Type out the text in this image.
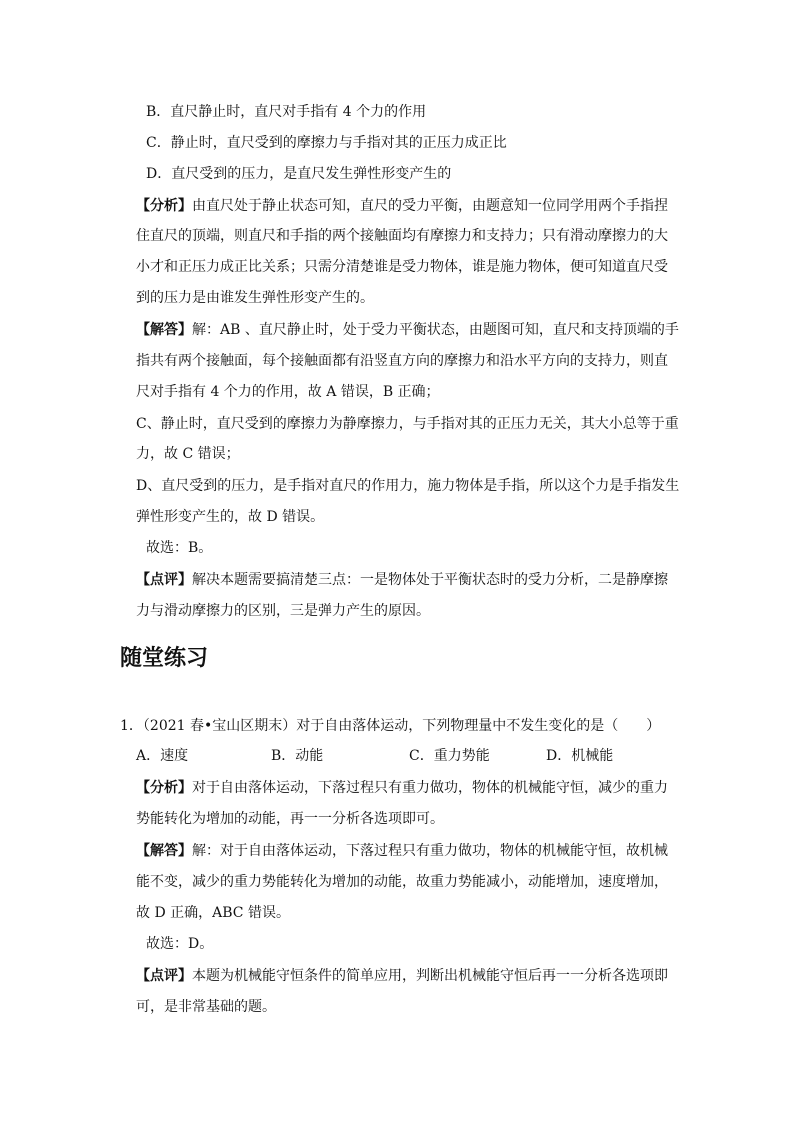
B．直尺静止时，直尺对手指有 4 个力的作用
C．静止时，直尺受到的摩擦力与手指对其的正压力成正比
D．直尺受到的压力，是直尺发生弹性形变产生的
【分析】由直尺处于静止状态可知，直尺的受力平衡，由题意知一位同学用两个手指捏
住直尺的顶端，则直尺和手指的两个接触面均有摩擦力和支持力；只有滑动摩擦力的大
小才和正压力成正比关系；只需分清楚谁是受力物体，谁是施力物体，便可知道直尺受
到的压力是由谁发生弹性形变产生的。
【解答】解：AB 、直尺静止时，处于受力平衡状态，由题图可知，直尺和支持顶端的手
指共有两个接触面，每个接触面都有沿竖直方向的摩擦力和沿水平方向的支持力，则直
尺对手指有 4 个力的作用，故 A 错误，B 正确；
C、静止时，直尺受到的摩擦力为静摩擦力，与手指对其的正压力无关，其大小总等于重
力，故 C 错误；
D、直尺受到的压力，是手指对直尺的作用力，施力物体是手指，所以这个力是手指发生
弹性形变产生的，故 D 错误。
故选：B。
【点评】解决本题需要搞清楚三点：一是物体处于平衡状态时的受力分析，二是静摩擦
力与滑动摩擦力的区别，三是弹力产生的原因。
随堂练习
1．（2021 春•宝山区期末）对于自由落体运动，下列物理量中不发生变化的是（　　）
A．速度	B．动能	C．重力势能	D．机械能
【分析】对于自由落体运动，下落过程只有重力做功，物体的机械能守恒，减少的重力
势能转化为增加的动能，再一一分析各选项即可。
【解答】解：对于自由落体运动，下落过程只有重力做功，物体的机械能守恒，故机械
能不变，减少的重力势能转化为增加的动能，故重力势能减小，动能增加，速度增加，
故 D 正确，ABC 错误。
故选：D。
【点评】本题为机械能守恒条件的简单应用，判断出机械能守恒后再一一分析各选项即
可，是非常基础的题。
